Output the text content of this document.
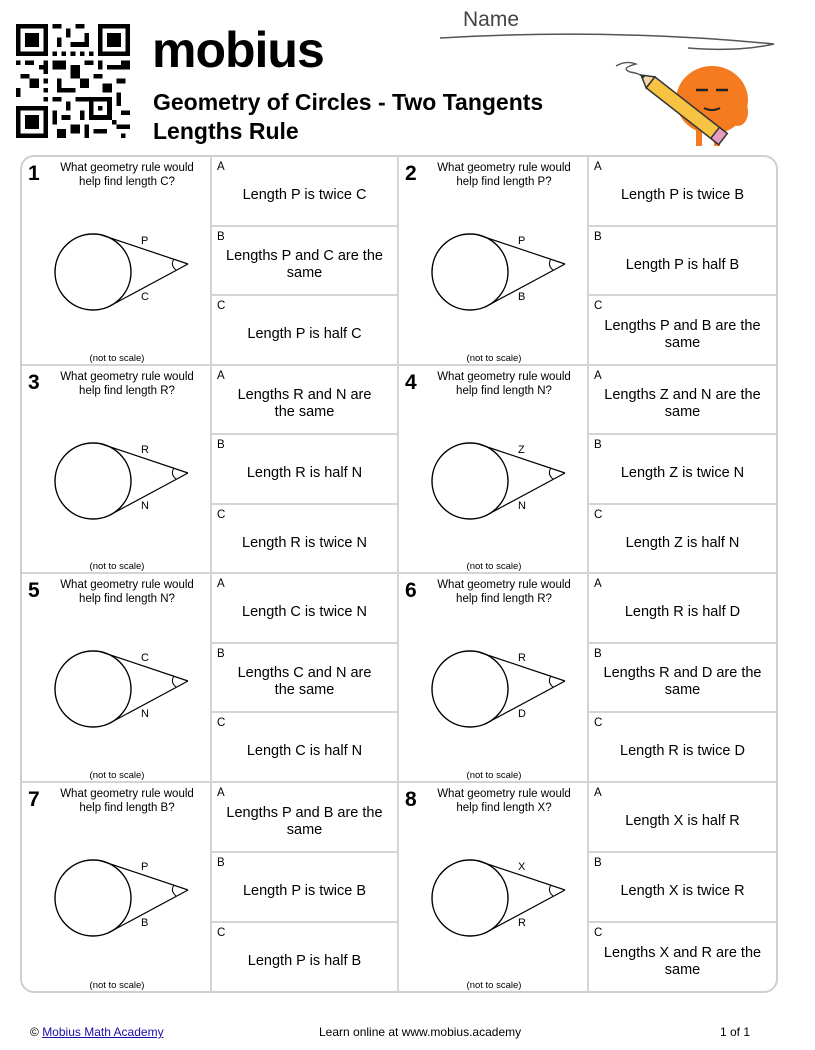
mobius
Geometry of Circles - Two Tangents
Lengths Rule
Name
1 What geometry rule would help find length C?
P
C
(not to scale)
A
Length P is twice C
B
Lengths P and C are the same
C
Length P is half C
2 What geometry rule would help find length P?
P
B
(not to scale)
A
Length P is twice B
B
Length P is half B
C
Lengths P and B are the same
3 What geometry rule would help find length R?
R
N
(not to scale)
A
Lengths R and N are the same
B
Length R is half N
C
Length R is twice N
4 What geometry rule would help find length N?
Z
N
(not to scale)
A
Lengths Z and N are the same
B
Length Z is twice N
C
Length Z is half N
5 What geometry rule would help find length N?
C
N
(not to scale)
A
Length C is twice N
B
Lengths C and N are the same
C
Length C is half N
6 What geometry rule would help find length R?
R
D
(not to scale)
A
Length R is half D
B
Lengths R and D are the same
C
Length R is twice D
7 What geometry rule would help find length B?
P
B
(not to scale)
A
Lengths P and B are the same
B
Length P is twice B
C
Length P is half B
8 What geometry rule would help find length X?
X
R
(not to scale)
A
Length X is half R
B
Length X is twice R
C
Lengths X and R are the same
© Mobius Math Academy	Learn online at www.mobius.academy	1 of 1
